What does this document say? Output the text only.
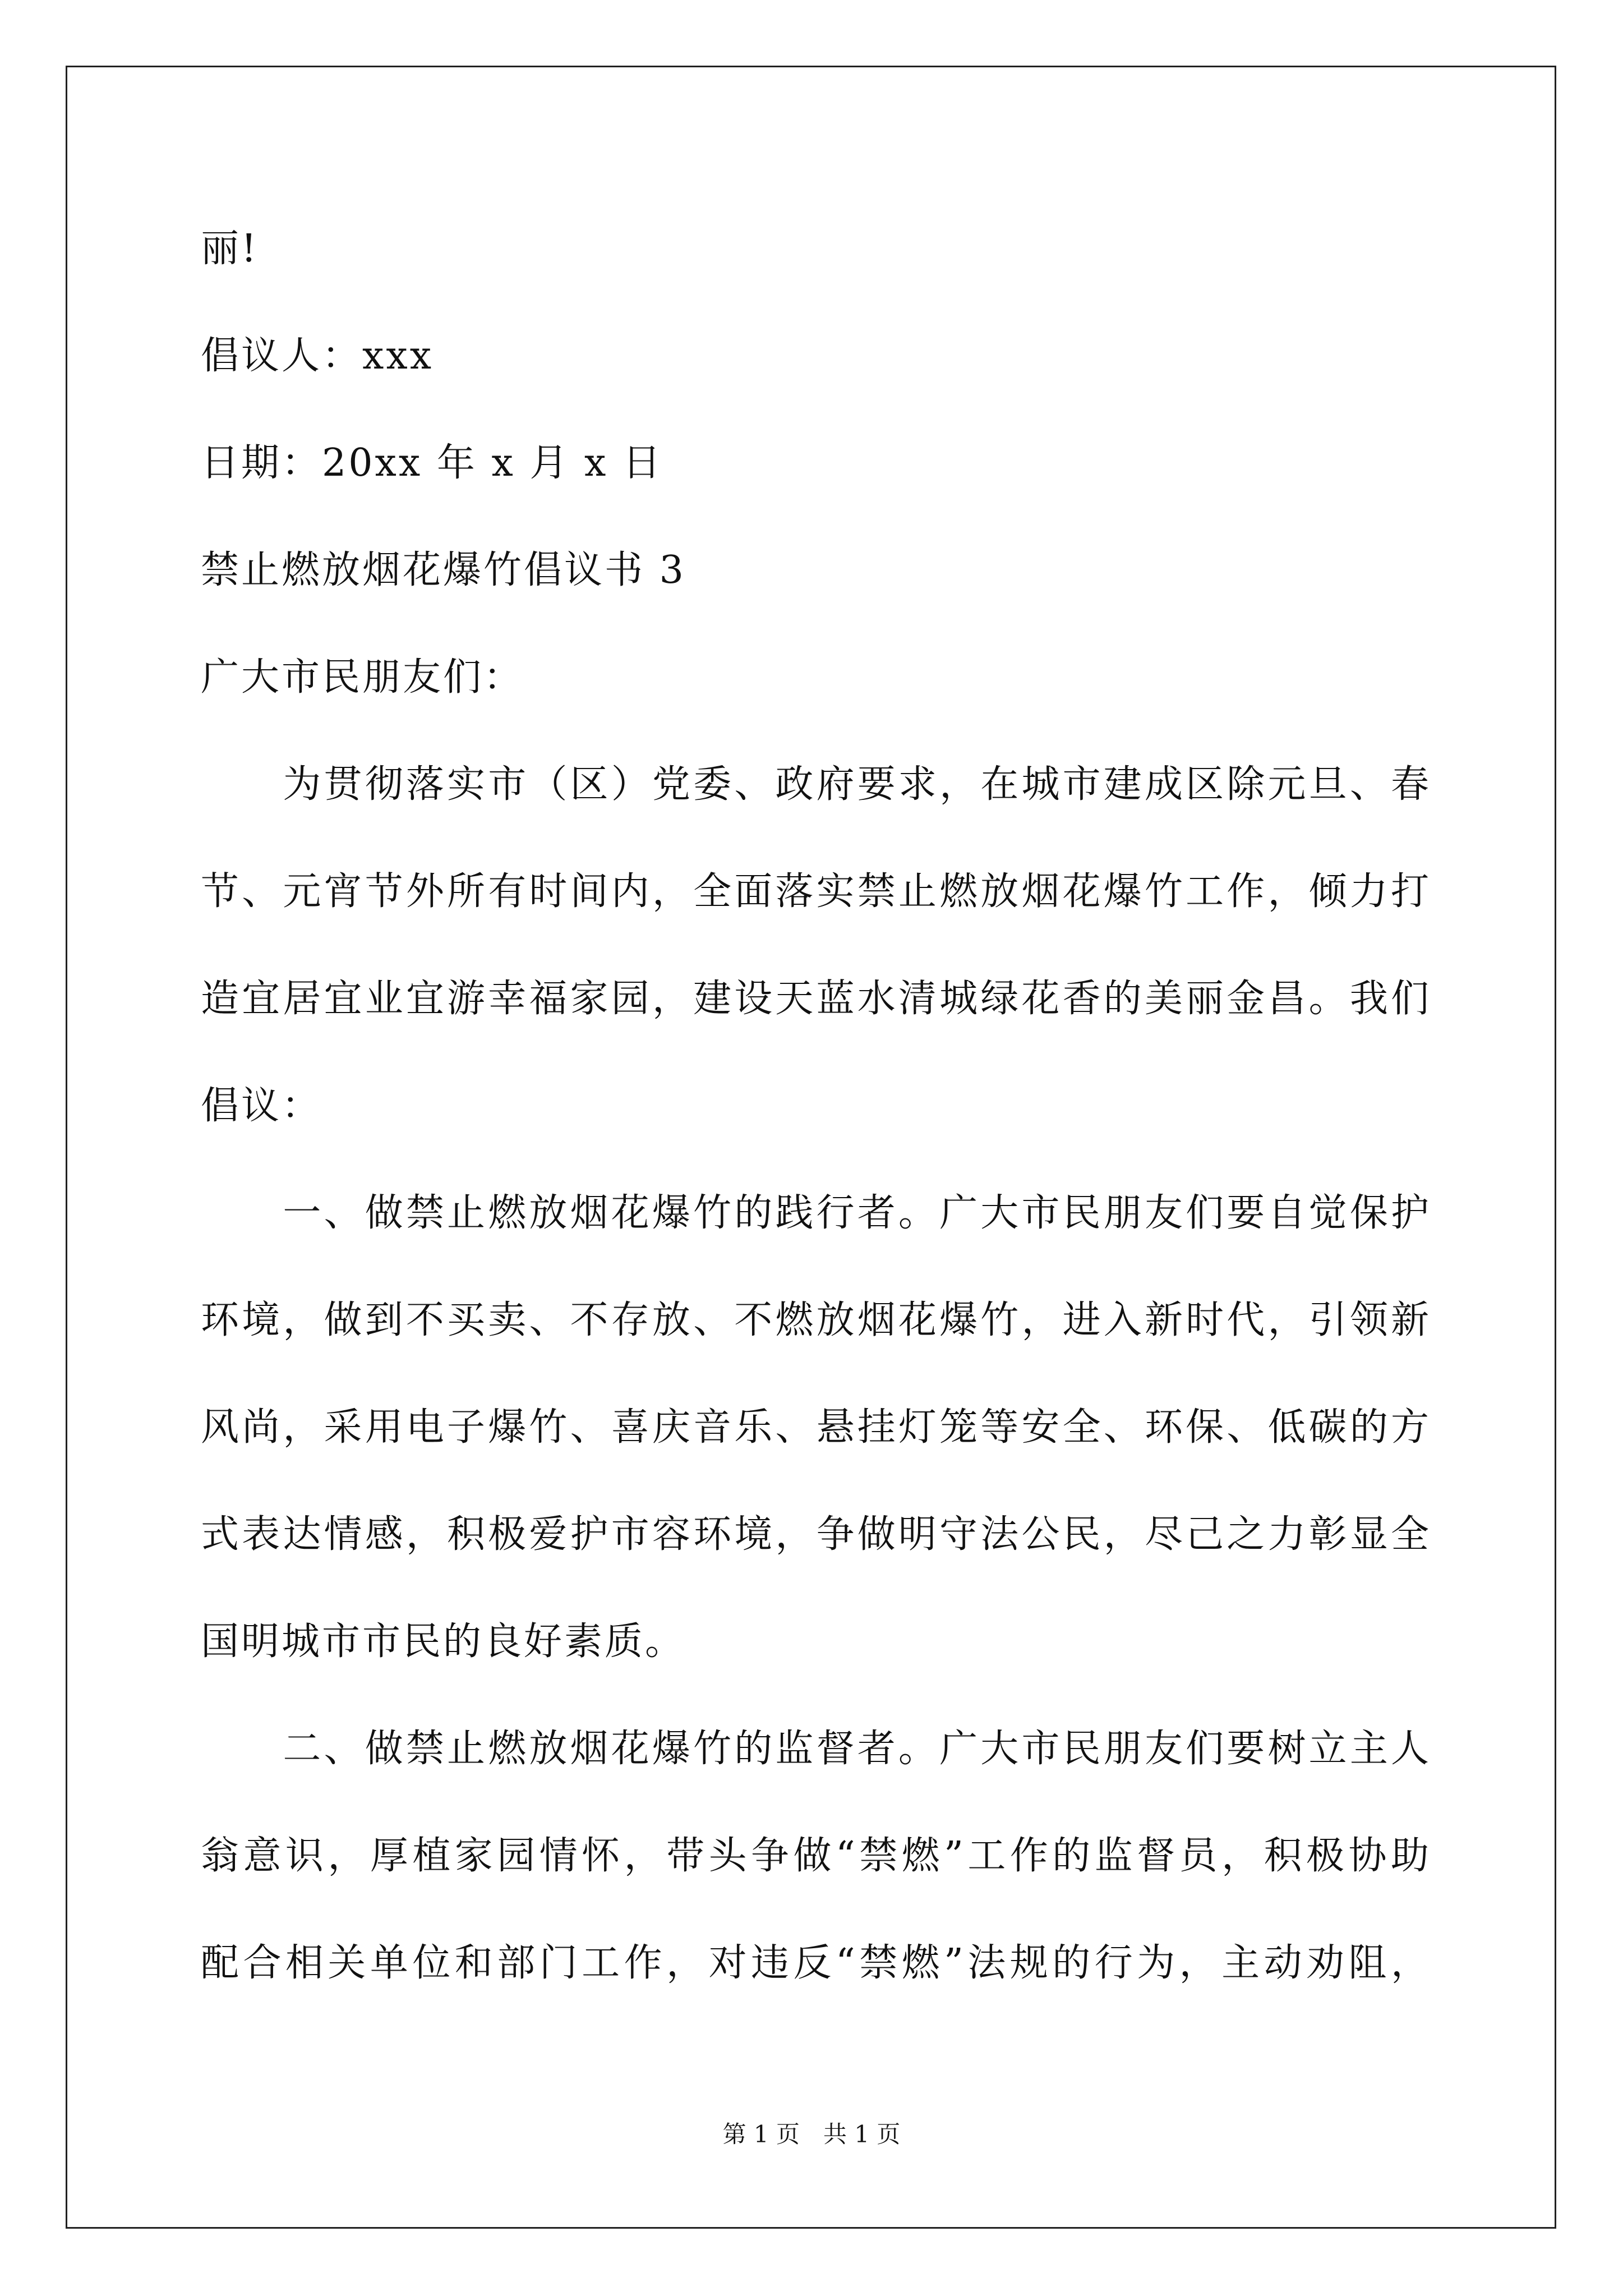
丽!
倡议人：xxx
日期：20xx 年 x 月 x 日
禁止燃放烟花爆竹倡议书 3
广大市民朋友们：
　　为贯彻落实市（区）党委、政府要求，在城市建成区除元旦、春
节、元宵节外所有时间内，全面落实禁止燃放烟花爆竹工作，倾力打
造宜居宜业宜游幸福家园，建设天蓝水清城绿花香的美丽金昌。我们
倡议：
　　一、做禁止燃放烟花爆竹的践行者。广大市民朋友们要自觉保护
环境，做到不买卖、不存放、不燃放烟花爆竹，进入新时代，引领新
风尚，采用电子爆竹、喜庆音乐、悬挂灯笼等安全、环保、低碳的方
式表达情感，积极爱护市容环境，争做明守法公民，尽己之力彰显全
国明城市市民的良好素质。
　　二、做禁止燃放烟花爆竹的监督者。广大市民朋友们要树立主人
翁意识，厚植家园情怀，带头争做“禁燃”工作的监督员，积极协助
配合相关单位和部门工作，对违反“禁燃”法规的行为，主动劝阻，
第 1 页　共 1 页
